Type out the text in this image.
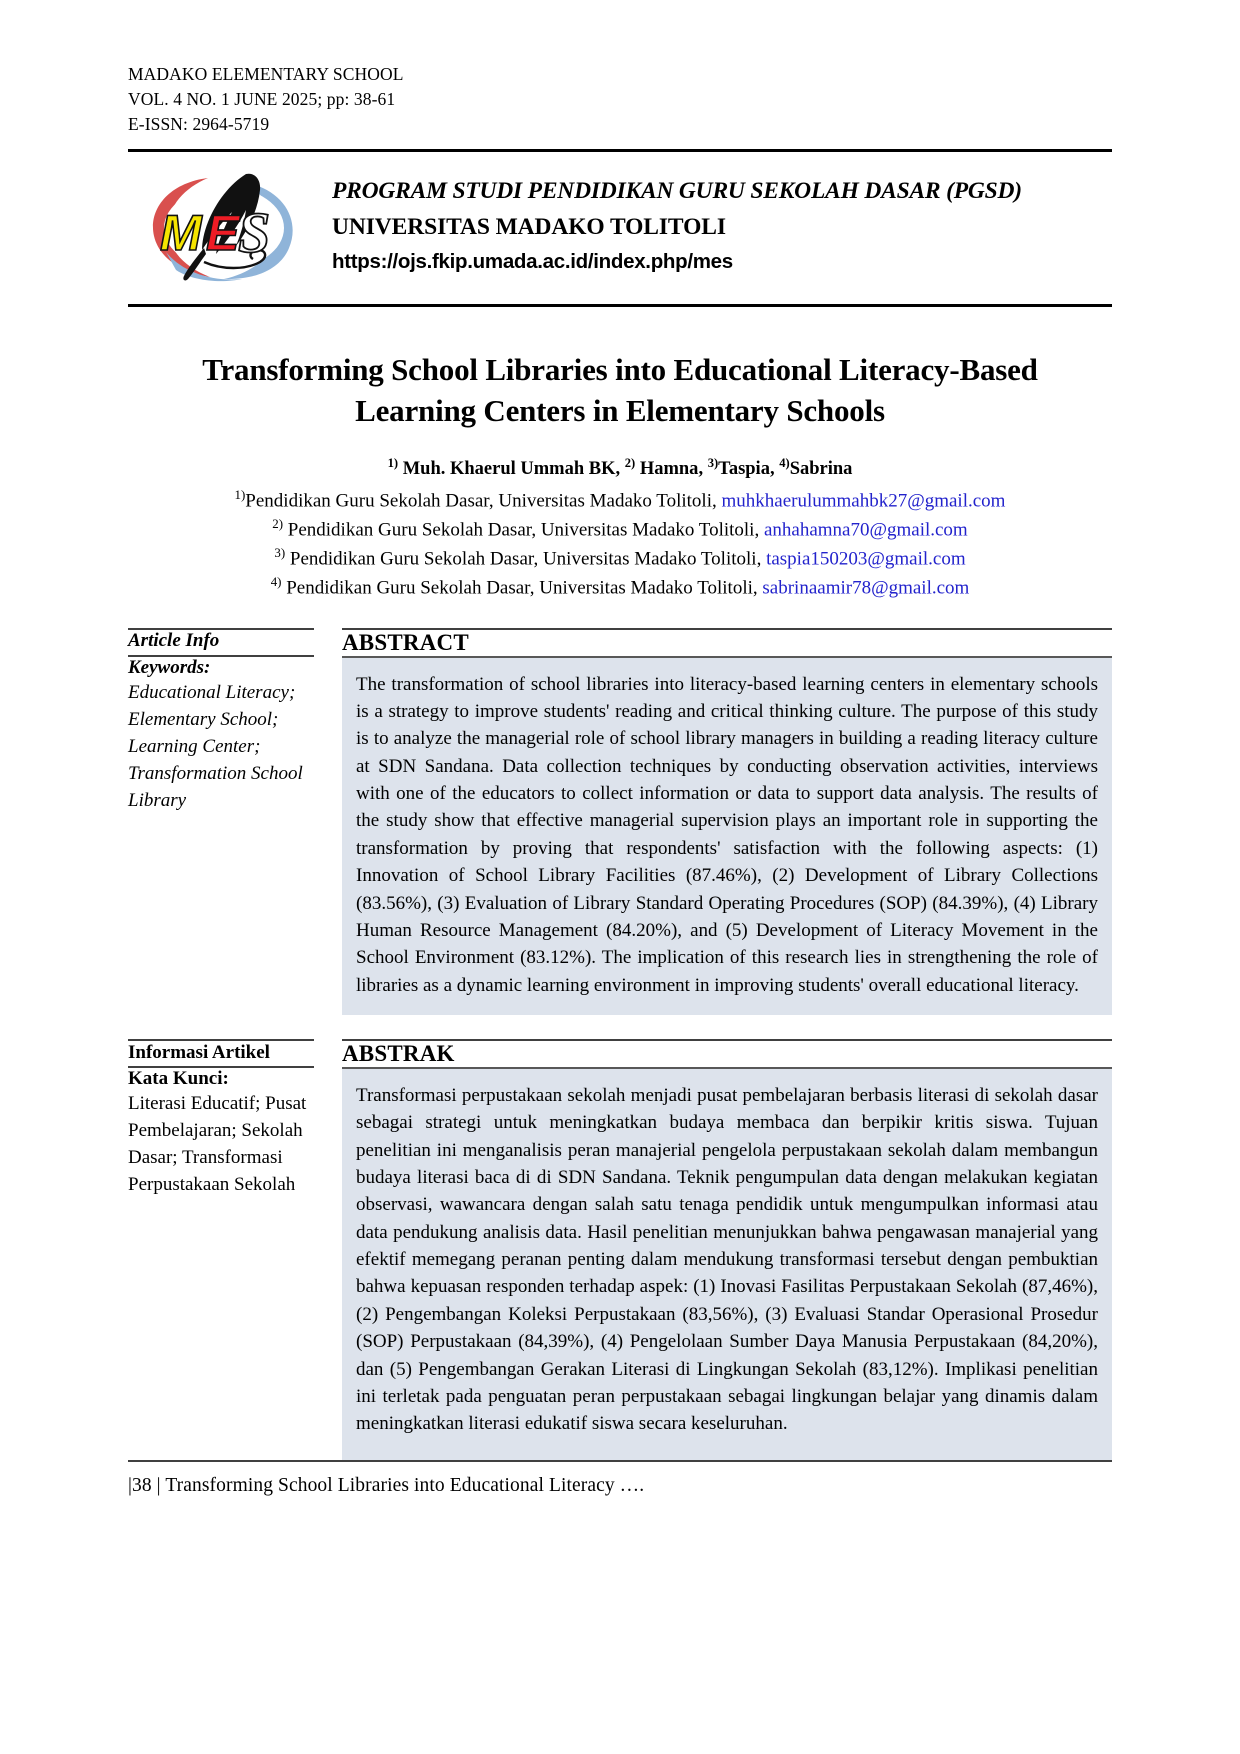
MADAKO ELEMENTARY SCHOOL
VOL. 4 NO. 1 JUNE 2025; pp: 38-61
E-ISSN: 2964-5719
M E
S
PROGRAM STUDI PENDIDIKAN GURU SEKOLAH DASAR (PGSD)
UNIVERSITAS MADAKO TOLITOLI
https://ojs.fkip.umada.ac.id/index.php/mes
Transforming School Libraries into Educational Literacy-Based Learning Centers in Elementary Schools
$^{1)}$ Muh. Khaerul Ummah BK, $^{2)}$ Hamna, $^{3)}$Taspia, $^{4)}$Sabrina
$^{1)}$Pendidikan Guru Sekolah Dasar, Universitas Madako Tolitoli, muhkhaerulummahbk27@gmail.com
$^{2)}$ Pendidikan Guru Sekolah Dasar, Universitas Madako Tolitoli, anhahamna70@gmail.com
$^{3)}$ Pendidikan Guru Sekolah Dasar, Universitas Madako Tolitoli, taspia150203@gmail.com
$^{4)}$ Pendidikan Guru Sekolah Dasar, Universitas Madako Tolitoli, sabrinaamir78@gmail.com
Article Info		ABSTRACT

Keywords:
Educational Literacy; Elementary School; Learning Center; Transformation School Library		The transformation of school libraries into literacy-based learning centers in elementary schools is a strategy to improve students' reading and critical thinking culture. The purpose of this study is to analyze the managerial role of school library managers in building a reading literacy culture at SDN Sandana. Data collection techniques by conducting observation activities, interviews with one of the educators to collect information or data to support data analysis. The results of the study show that effective managerial supervision plays an important role in supporting the transformation by proving that respondents' satisfaction with the following aspects: (1) Innovation of School Library Facilities (87.46%), (2) Development of Library Collections (83.56%), (3) Evaluation of Library Standard Operating Procedures (SOP) (84.39%), (4) Library Human Resource Management (84.20%), and (5) Development of Literacy Movement in the School Environment (83.12%). The implication of this research lies in strengthening the role of libraries as a dynamic learning environment in improving students' overall educational literacy.

Informasi Artikel		ABSTRAK

Kata Kunci:
Literasi Educatif; Pusat Pembelajaran; Sekolah Dasar; Transformasi Perpustakaan Sekolah		Transformasi perpustakaan sekolah menjadi pusat pembelajaran berbasis literasi di sekolah dasar sebagai strategi untuk meningkatkan budaya membaca dan berpikir kritis siswa. Tujuan penelitian ini menganalisis peran manajerial pengelola perpustakaan sekolah dalam membangun budaya literasi baca di di SDN Sandana. Teknik pengumpulan data dengan melakukan kegiatan observasi, wawancara dengan salah satu tenaga pendidik untuk mengumpulkan informasi atau data pendukung analisis data. Hasil penelitian menunjukkan bahwa pengawasan manajerial yang efektif memegang peranan penting dalam mendukung transformasi tersebut dengan pembuktian bahwa kepuasan responden terhadap aspek: (1) Inovasi Fasilitas Perpustakaan Sekolah (87,46%), (2) Pengembangan Koleksi Perpustakaan (83,56%), (3) Evaluasi Standar Operasional Prosedur (SOP) Perpustakaan (84,39%), (4) Pengelolaan Sumber Daya Manusia Perpustakaan (84,20%), dan (5) Pengembangan Gerakan Literasi di Lingkungan Sekolah (83,12%). Implikasi penelitian ini terletak pada penguatan peran perpustakaan sebagai lingkungan belajar yang dinamis dalam meningkatkan literasi edukatif siswa secara keseluruhan.
|38 | Transforming School Libraries into Educational Literacy ….
